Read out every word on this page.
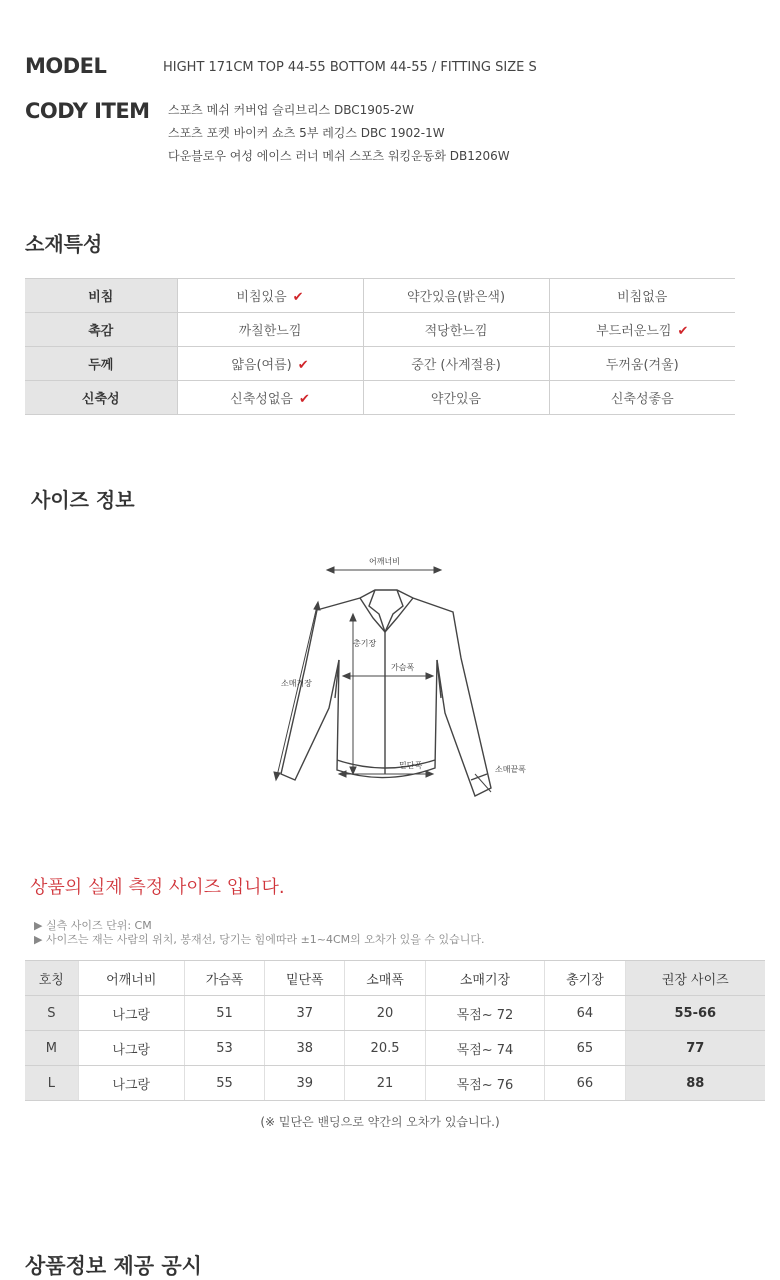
MODEL	HIGHT 171CM TOP 44-55 BOTTOM 44-55 / FITTING SIZE S
CODY ITEM 스포츠 메쉬 커버업 슬리브리스 DBC1905-2W
스포츠 포켓 바이커 쇼츠 5부 레깅스 DBC 1902-1W
다운블로우 여성 에이스 러너 메쉬 스포츠 워킹운동화 DB1206W
소재특성
비침	비침있음 ✔	약간있음(밝은색)	비침없음
촉감	까칠한느낌	적당한느낌	부드러운느낌 ✔
두께	얇음(여름) ✔	중간 (사계절용)	두꺼움(겨울)
신축성	신축성없음 ✔	약간있음	신축성좋음
사이즈 정보
어깨너비
총기장
가슴폭
소매기장
밑단폭	소매끝폭
상품의 실제 측정 사이즈 입니다.
▶ 실측 사이즈 단위: CM
▶ 사이즈는 재는 사람의 위치, 봉재선, 당기는 힘에따라 ±1~4CM의 오차가 있을 수 있습니다.
호칭	어깨너비	가슴폭	밑단폭	소매폭	소매기장	총기장	권장 사이즈
S	나그랑	51	37	20	목점~ 72	64	55-66
M	나그랑	53	38	20.5	목점~ 74	65	77
L	나그랑	55	39	21	목점~ 76	66	88
(※ 밑단은 밴딩으로 약간의 오차가 있습니다.)
상품정보 제공 공시
